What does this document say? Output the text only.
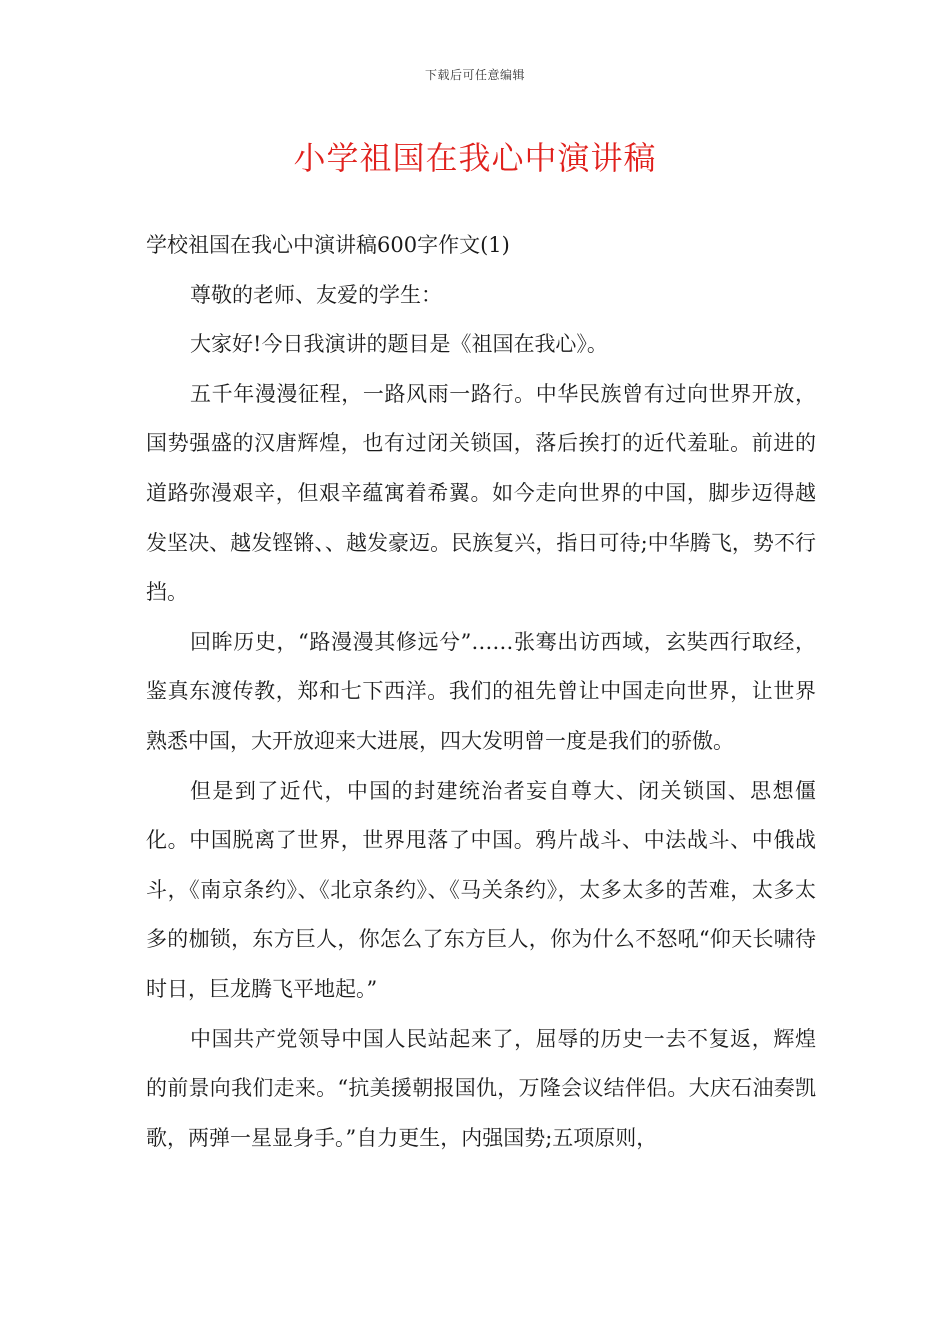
下载后可任意编辑
小学祖国在我心中演讲稿

学校祖国在我心中演讲稿600字作文(1)

尊敬的老师、友爱的学生：

大家好!今日我演讲的题目是《祖国在我心》。

五千年漫漫征程，一路风雨一路行。中华民族曾有过向世界开放，国势强盛的汉唐辉煌，也有过闭关锁国，落后挨打的近代羞耻。前进的道路弥漫艰辛，但艰辛蕴寓着希翼。如今走向世界的中国，脚步迈得越发坚决、越发铿锵、、越发豪迈。民族复兴，指日可待;中华腾飞，势不行挡。

回眸历史，“路漫漫其修远兮”……张骞出访西域，玄奘西行取经，鉴真东渡传教，郑和七下西洋。我们的祖先曾让中国走向世界，让世界熟悉中国，大开放迎来大进展，四大发明曾一度是我们的骄傲。

但是到了近代，中国的封建统治者妄自尊大、闭关锁国、思想僵化。中国脱离了世界，世界甩落了中国。鸦片战斗、中法战斗、中俄战斗，《南京条约》、《北京条约》、《马关条约》，太多太多的苦难，太多太多的枷锁，东方巨人，你怎么了东方巨人，你为什么不怒吼“仰天长啸待时日，巨龙腾飞平地起。”

中国共产党领导中国人民站起来了，屈辱的历史一去不复返，辉煌的前景向我们走来。“抗美援朝报国仇，万隆会议结伴侣。大庆石油奏凯歌，两弹一星显身手。”自力更生，内强国势;五项原则，
